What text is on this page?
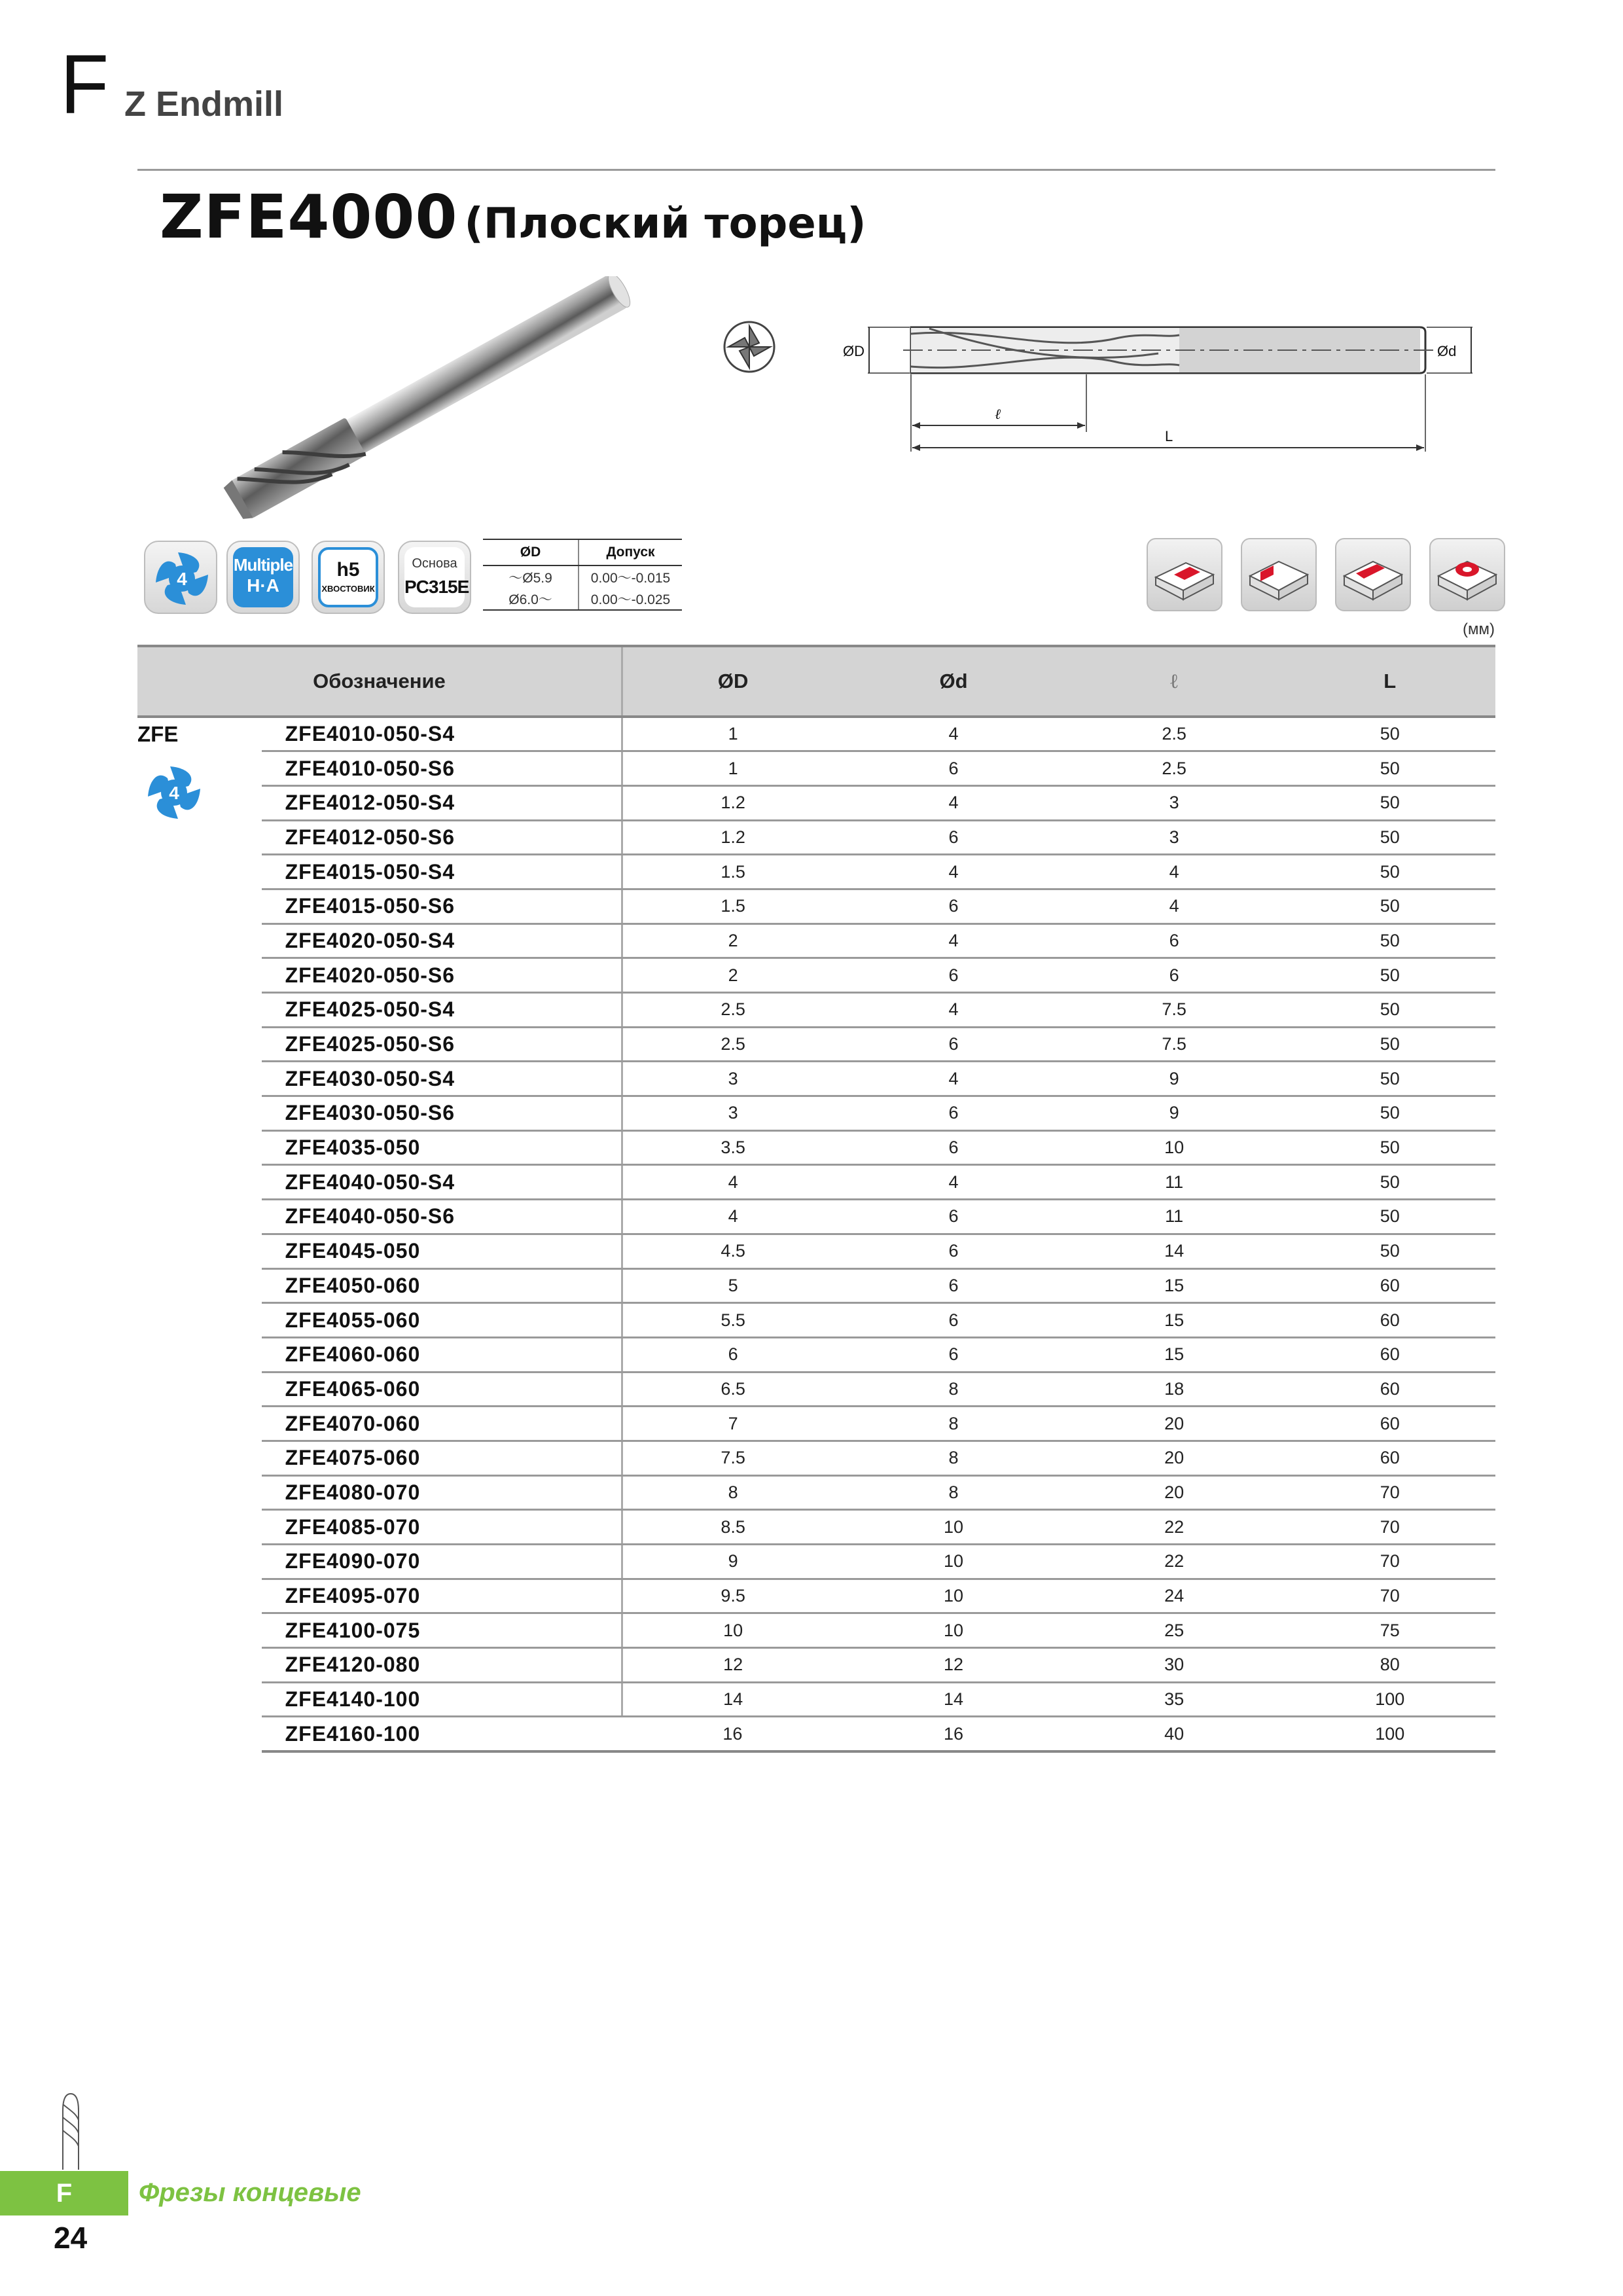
F Z Endmill
ZFE4000 (Плоский торец)
ØD	Ød
ℓ
L
4
Multiple
H·A
h5
ХВОСТОВИК
Основа
PC315E
ØD	Допуск
～Ø5.9	0.00～-0.015
Ø6.0～	0.00～-0.025
(мм)
Обозначение		ØD	Ød	ℓ	L

ZFE
4	ZFE4010-050-S4	1	4	2.5	50
	ZFE4010-050-S6	1	6	2.5	50
	ZFE4012-050-S4	1.2	4	3	50
	ZFE4012-050-S6	1.2	6	3	50
	ZFE4015-050-S4	1.5	4	4	50
	ZFE4015-050-S6	1.5	6	4	50
	ZFE4020-050-S4	2	4	6	50
	ZFE4020-050-S6	2	6	6	50
	ZFE4025-050-S4	2.5	4	7.5	50
	ZFE4025-050-S6	2.5	6	7.5	50
	ZFE4030-050-S4	3	4	9	50
	ZFE4030-050-S6	3	6	9	50
	ZFE4035-050	3.5	6	10	50
	ZFE4040-050-S4	4	4	11	50
	ZFE4040-050-S6	4	6	11	50
	ZFE4045-050	4.5	6	14	50
	ZFE4050-060	5	6	15	60
	ZFE4055-060	5.5	6	15	60
	ZFE4060-060	6	6	15	60
	ZFE4065-060	6.5	8	18	60
	ZFE4070-060	7	8	20	60
	ZFE4075-060	7.5	8	20	60
	ZFE4080-070	8	8	20	70
	ZFE4085-070	8.5	10	22	70
	ZFE4090-070	9	10	22	70
	ZFE4095-070	9.5	10	24	70
	ZFE4100-075	10	10	25	75
	ZFE4120-080	12	12	30	80
	ZFE4140-100	14	14	35	100
	ZFE4160-100	16	16	40	100
F	Фрезы концевые
24
